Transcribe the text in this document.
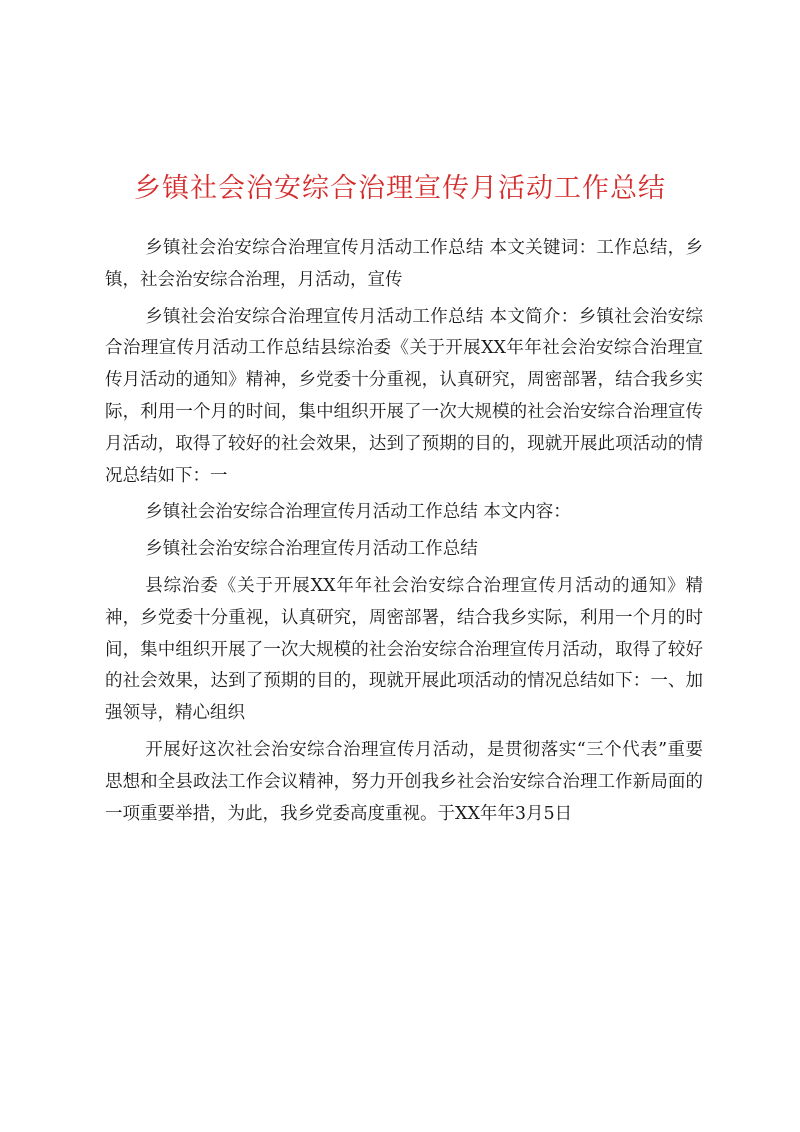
乡镇社会治安综合治理宣传月活动工作总结

乡镇社会治安综合治理宣传月活动工作总结 本文关键词：工作总结，乡镇，社会治安综合治理，月活动，宣传

乡镇社会治安综合治理宣传月活动工作总结 本文简介：乡镇社会治安综合治理宣传月活动工作总结县综治委《关于开展XX年年社会治安综合治理宣传月活动的通知》精神，乡党委十分重视，认真研究，周密部署，结合我乡实际，利用一个月的时间，集中组织开展了一次大规模的社会治安综合治理宣传月活动，取得了较好的社会效果，达到了预期的目的，现就开展此项活动的情况总结如下：一

乡镇社会治安综合治理宣传月活动工作总结 本文内容：

乡镇社会治安综合治理宣传月活动工作总结

县综治委《关于开展XX年年社会治安综合治理宣传月活动的通知》精神，乡党委十分重视，认真研究，周密部署，结合我乡实际，利用一个月的时间，集中组织开展了一次大规模的社会治安综合治理宣传月活动，取得了较好的社会效果，达到了预期的目的，现就开展此项活动的情况总结如下：一、加强领导，精心组织

开展好这次社会治安综合治理宣传月活动，是贯彻落实“三个代表”重要思想和全县政法工作会议精神，努力开创我乡社会治安综合治理工作新局面的一项重要举措，为此，我乡党委高度重视。于XX年年3月5日
